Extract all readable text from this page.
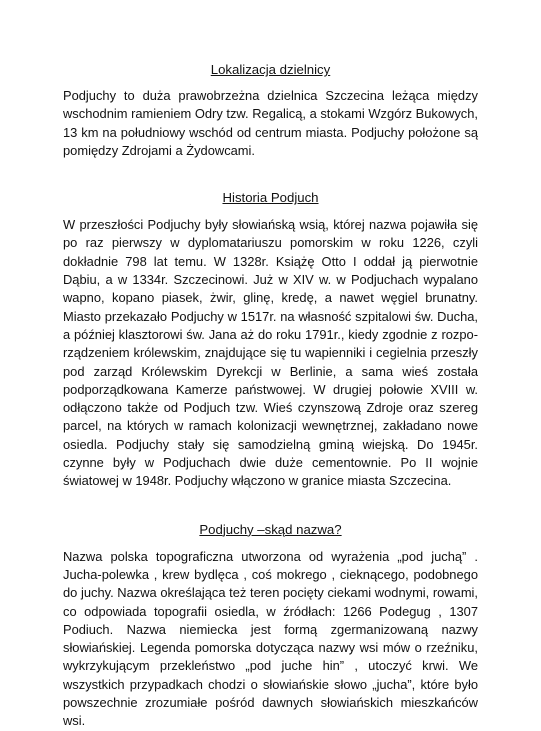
Lokalizacja dzielnicy

Podjuchy to duża prawobrzeżna dzielnica Szczecina leżąca między wschodnim ramieniem Odry tzw. Regalicą, a stokami Wzgórz Bukowych, 13 km na południowy wschód od centrum miasta. Podjuchy położone są pomiędzy Zdrojami a Żydowcami.

Historia Podjuch

W przeszłości Podjuchy były słowiańską wsią, której nazwa pojawiła się po raz pierwszy w dyplomatariuszu pomorskim w roku 1226, czyli dokładnie 798 lat temu. W 1328r. Książę Otto I oddał ją pierwotnie Dąbiu, a w 1334r. Szczecinowi. Już w XIV w. w Podjuchach wypalano wapno, kopano piasek, żwir, glinę, kredę, a nawet węgiel brunatny. Miasto przekazało Podjuchy w 1517r. na własność szpitalowi św. Ducha, a później klasztorowi św. Jana aż do roku 1791r., kiedy zgodnie z rozpo-rządzeniem królewskim, znajdujące się tu wapienniki i cegielnia przeszły pod zarząd Królewskim Dyrekcji w Berlinie, a sama wieś została podporządkowana Kamerze państwowej. W drugiej połowie XVIII w. odłączono także od Podjuch tzw. Wieś czynszową Zdroje oraz szereg parcel, na których w ramach kolonizacji wewnętrznej, zakładano nowe osiedla. Podjuchy stały się samodzielną gminą wiejską. Do 1945r. czynne były w Podjuchach dwie duże cementownie. Po II wojnie światowej w 1948r. Podjuchy włączono w granice miasta Szczecina.

Podjuchy –skąd nazwa?

Nazwa polska topograficzna utworzona od wyrażenia „pod juchą” . Jucha-polewka , krew bydlęca , coś mokrego , cieknącego, podobnego do juchy. Nazwa określająca też teren pocięty ciekami wodnymi, rowami, co odpowiada topografii osiedla, w źródłach: 1266 Podegug , 1307 Podiuch. Nazwa niemiecka jest formą zgermanizowaną nazwy słowiańskiej. Legenda pomorska dotycząca nazwy wsi mów o rzeźniku, wykrzykującym przekleństwo „pod juche hin” , utoczyć krwi. We wszystkich przypadkach chodzi o słowiańskie słowo „jucha”, które było powszechnie zrozumiałe pośród dawnych słowiańskich mieszkańców wsi.
